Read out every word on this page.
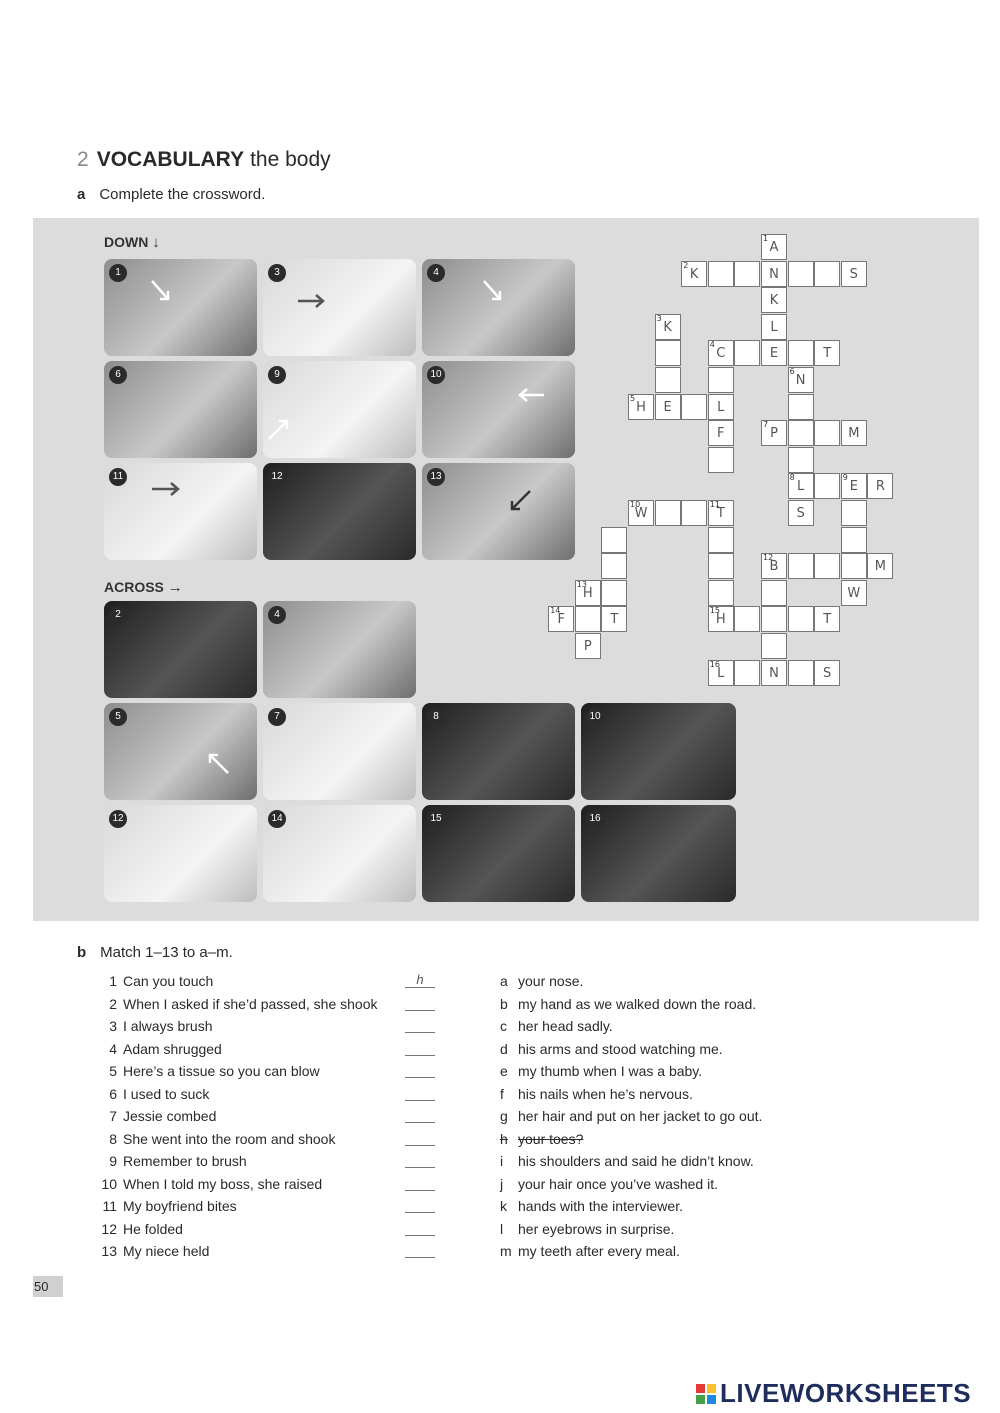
2 VOCABULARY the body
a Complete the crossword.
DOWN ↓
1	3	4
6	9	10
11	12	13
ACROSS →
2	4
5	7	8	10
12	14	15	16
1
A
2
K	N	S
K
3
K	L
4
C	E	T
6
N
5
H	E	L
F
7
P	M
8
L
9
E	R
10
W
11
T	S
12
B	M
13
H	W
14
F	T
15
H	T
P
16
L	N	S
b Match 1–13 to a–m.
1 Can you touch	h
2 When I asked if she’d passed, she shook
3 I always brush
4 Adam shrugged
5 Here’s a tissue so you can blow
6 I used to suck
7 Jessie combed
8 She went into the room and shook
9 Remember to brush
10 When I told my boss, she raised
11 My boyfriend bites
12 He folded
13 My niece held
a your nose.
b my hand as we walked down the road.
c her head sadly.
d his arms and stood watching me.
e my thumb when I was a baby.
f his nails when he’s nervous.
g her hair and put on her jacket to go out.
h your toes?
i his shoulders and said he didn’t know.
j your hair once you’ve washed it.
k hands with the interviewer.
l her eyebrows in surprise.
m my teeth after every meal.
50
LIVEWORKSHEETS
